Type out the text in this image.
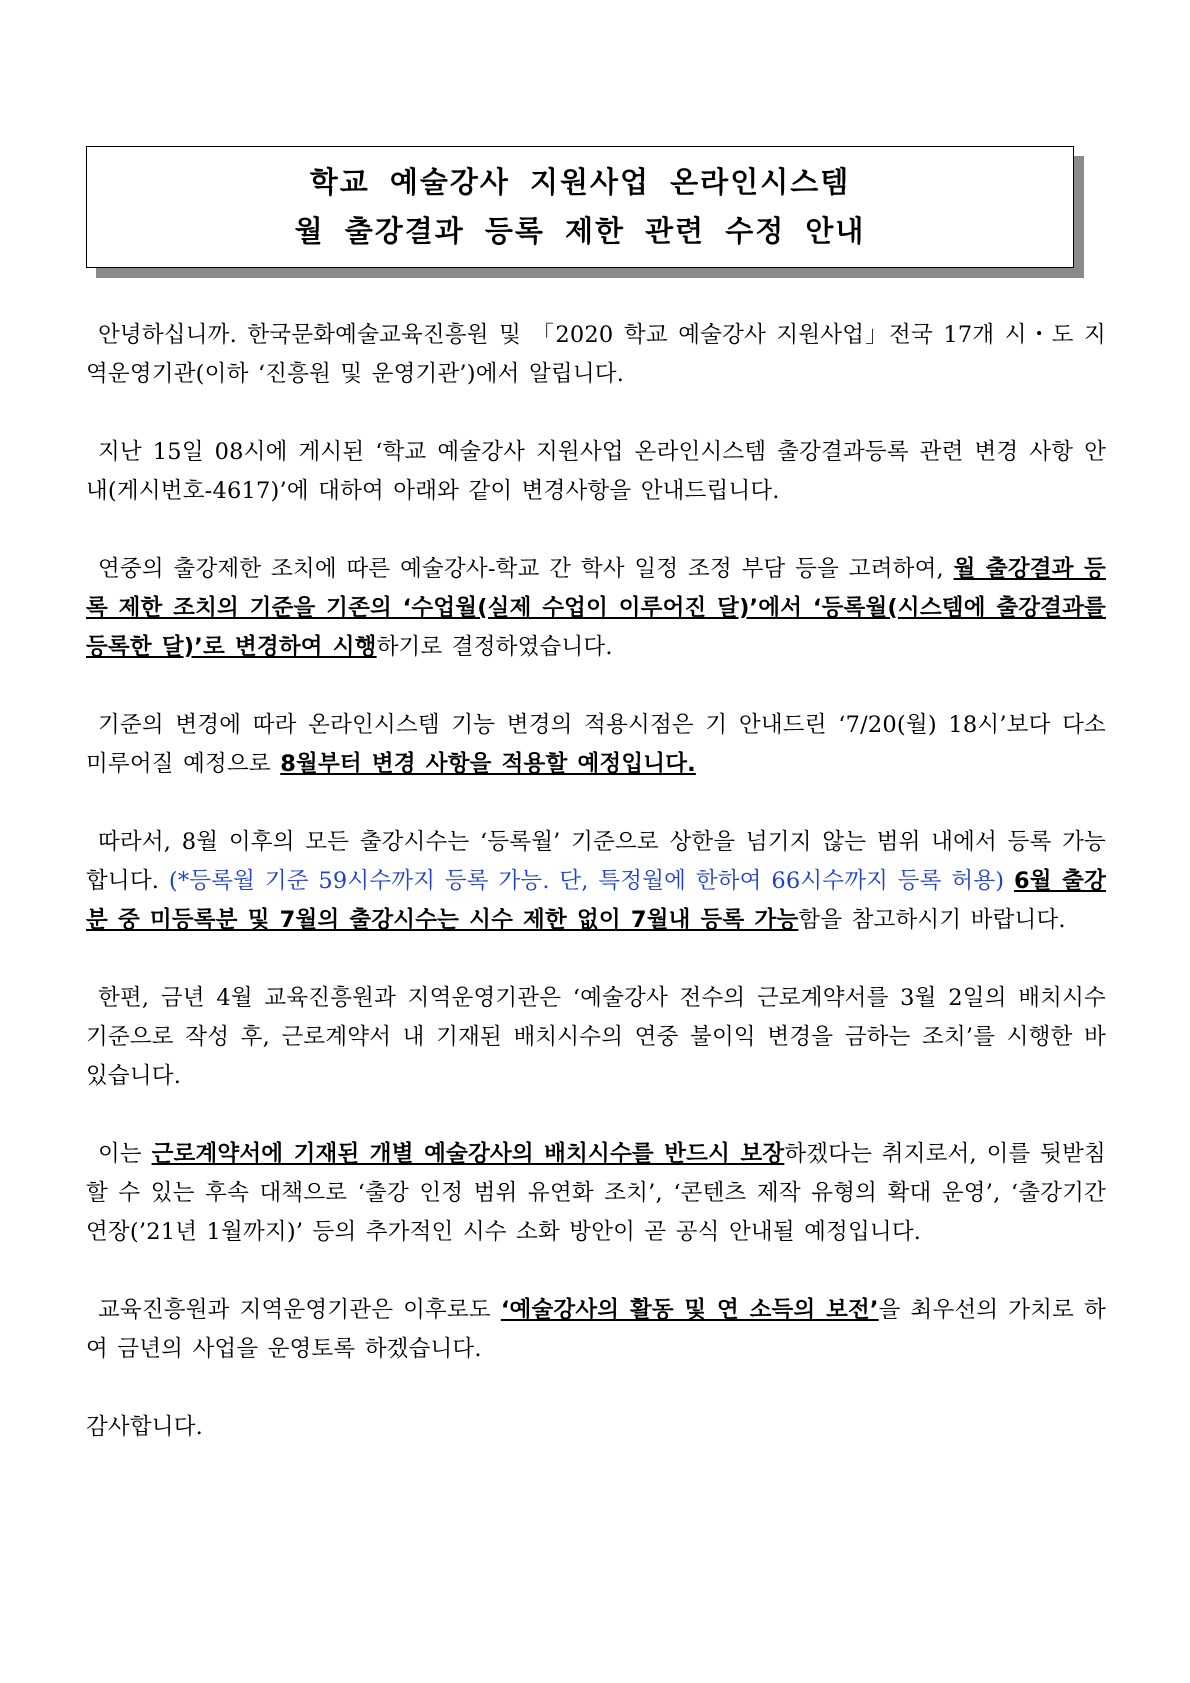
학교 예술강사 지원사업 온라인시스템
월 출강결과 등록 제한 관련 수정 안내

안녕하십니까. 한국문화예술교육진흥원 및 「2020 학교 예술강사 지원사업」전국 17개 시・도 지역운영기관(이하 ‘진흥원 및 운영기관’)에서 알립니다.

지난 15일 08시에 게시된 ‘학교 예술강사 지원사업 온라인시스템 출강결과등록 관련 변경 사항 안내(게시번호-4617)’에 대하여 아래와 같이 변경사항을 안내드립니다.

연중의 출강제한 조치에 따른 예술강사-학교 간 학사 일정 조정 부담 등을 고려하여, 월 출강결과 등록 제한 조치의 기준을 기존의 ‘수업월(실제 수업이 이루어진 달)’에서 ‘등록월(시스템에 출강결과를 등록한 달)’로 변경하여 시행하기로 결정하였습니다.

기준의 변경에 따라 온라인시스템 기능 변경의 적용시점은 기 안내드린 ‘7/20(월) 18시’보다 다소 미루어질 예정으로 8월부터 변경 사항을 적용할 예정입니다.

따라서, 8월 이후의 모든 출강시수는 ‘등록월’ 기준으로 상한을 넘기지 않는 범위 내에서 등록 가능합니다. (*등록월 기준 59시수까지 등록 가능. 단, 특정월에 한하여 66시수까지 등록 허용) 6월 출강분 중 미등록분 및 7월의 출강시수는 시수 제한 없이 7월내 등록 가능함을 참고하시기 바랍니다.

한편, 금년 4월 교육진흥원과 지역운영기관은 ‘예술강사 전수의 근로계약서를 3월 2일의 배치시수 기준으로 작성 후, 근로계약서 내 기재된 배치시수의 연중 불이익 변경을 금하는 조치’를 시행한 바 있습니다.

이는 근로계약서에 기재된 개별 예술강사의 배치시수를 반드시 보장하겠다는 취지로서, 이를 뒷받침 할 수 있는 후속 대책으로 ‘출강 인정 범위 유연화 조치’, ‘콘텐츠 제작 유형의 확대 운영’, ‘출강기간 연장(’21년 1월까지)’ 등의 추가적인 시수 소화 방안이 곧 공식 안내될 예정입니다.

교육진흥원과 지역운영기관은 이후로도 ‘예술강사의 활동 및 연 소득의 보전’을 최우선의 가치로 하여 금년의 사업을 운영토록 하겠습니다.

감사합니다.
